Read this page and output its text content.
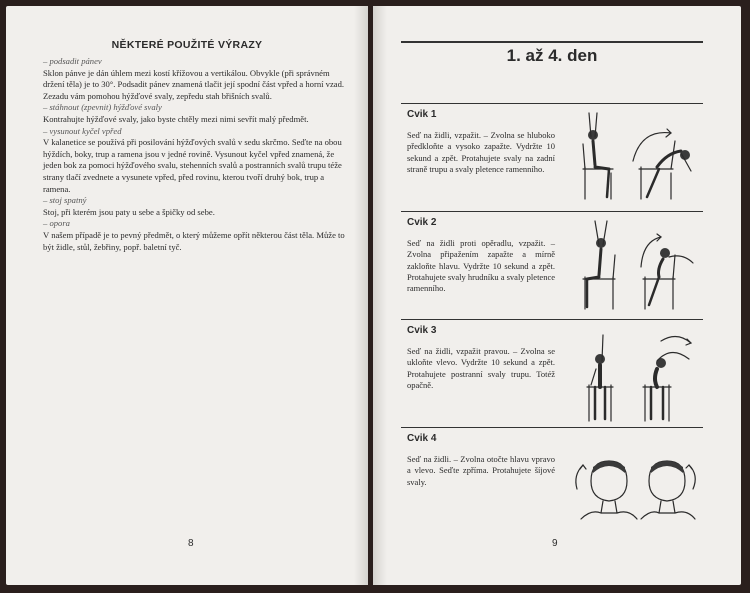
NĚKTERÉ POUŽITÉ VÝRAZY

– podsadit pánev

Sklon pánve je dán úhlem mezi kostí křížovou a vertikálou. Obvykle (při správném držení těla) je to 30°. Podsadit pánev znamená tlačit její spodní část vpřed a horní vzad. Zezadu vám pomohou hýžďové svaly, zepředu stah břišních svalů.

– stáhnout (zpevnit) hýžďové svaly

Kontrahujte hýžďové svaly, jako byste chtěly mezi nimi sevřít malý předmět.

– vysunout kyčel vpřed

V kalanetice se používá při posilování hýžďových svalů v sedu skrčmo. Seďte na obou hýždích, boky, trup a ramena jsou v jedné rovině. Vysunout kyčel vpřed znamená, že jeden bok za pomoci hýžďového svalu, stehenních svalů a postranních svalů trupu téže strany tlačí zvednete a vysunete vpřed, před rovinu, kterou tvoří druhý bok, trup a ramena.

– stoj spatný

Stoj, při kterém jsou paty u sebe a špičky od sebe.

– opora

V našem případě je to pevný předmět, o který můžeme opřít některou část těla. Může to být židle, stůl, žebřiny, popř. baletní tyč.

8
1. až 4. den
Cvik 1
Seď na židli, vzpažit. – Zvolna se hluboko předkloňte a vysoko zapažte. Vydržte 10 sekund a zpět. Protahujete svaly na zadní straně trupu a svaly pletence ramenního.
Cvik 2
Seď na židli proti opěradlu, vzpažit. – Zvolna připažením zapažte a mírně zakloňte hlavu. Vydržte 10 sekund a zpět. Protahujete svaly hrudníku a svaly pletence ramenního.
Cvik 3
Seď na židli, vzpažit pravou. – Zvolna se ukloňte vlevo. Vydržte 10 sekund a zpět. Protahujete postranní svaly trupu. Totéž opačně.
Cvik 4
Seď na židli. – Zvolna otočte hlavu vpravo a vlevo. Seďte zpříma. Protahujete šíjové svaly.
9
